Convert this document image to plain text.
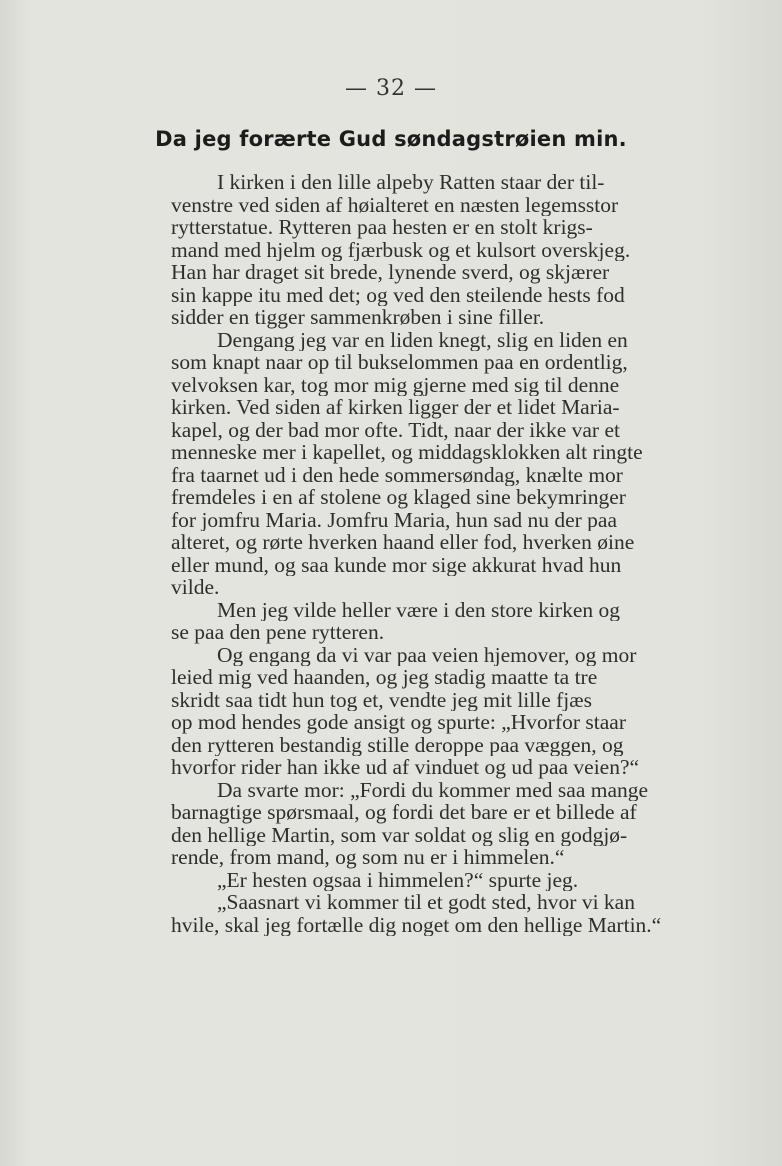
— 32 —
Da jeg forærte Gud søndagstrøien min.
I kirken i den lille alpeby Ratten staar der til-
venstre ved siden af høialteret en næsten legemsstor
rytterstatue. Rytteren paa hesten er en stolt krigs-
mand med hjelm og fjærbusk og et kulsort overskjeg.
Han har draget sit brede, lynende sverd, og skjærer
sin kappe itu med det; og ved den steilende hests fod
sidder en tigger sammenkrøben i sine filler.
Dengang jeg var en liden knegt, slig en liden en
som knapt naar op til bukselommen paa en ordentlig,
velvoksen kar, tog mor mig gjerne med sig til denne
kirken. Ved siden af kirken ligger der et lidet Maria-
kapel, og der bad mor ofte. Tidt, naar der ikke var et
menneske mer i kapellet, og middagsklokken alt ringte
fra taarnet ud i den hede sommersøndag, knælte mor
fremdeles i en af stolene og klaged sine bekymringer
for jomfru Maria. Jomfru Maria, hun sad nu der paa
alteret, og rørte hverken haand eller fod, hverken øine
eller mund, og saa kunde mor sige akkurat hvad hun
vilde.
Men jeg vilde heller være i den store kirken og
se paa den pene rytteren.
Og engang da vi var paa veien hjemover, og mor
leied mig ved haanden, og jeg stadig maatte ta tre
skridt saa tidt hun tog et, vendte jeg mit lille fjæs
op mod hendes gode ansigt og spurte: „Hvorfor staar
den rytteren bestandig stille deroppe paa væggen, og
hvorfor rider han ikke ud af vinduet og ud paa veien?“
Da svarte mor: „Fordi du kommer med saa mange
barnagtige spørsmaal, og fordi det bare er et billede af
den hellige Martin, som var soldat og slig en godgjø-
rende, from mand, og som nu er i himmelen.“
„Er hesten ogsaa i himmelen?“ spurte jeg.
„Saasnart vi kommer til et godt sted, hvor vi kan
hvile, skal jeg fortælle dig noget om den hellige Martin.“
